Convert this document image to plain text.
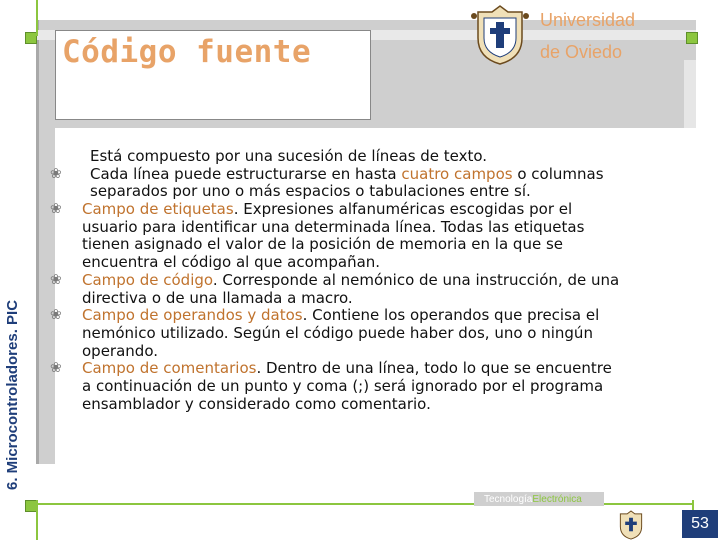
Código fuente
Universidad
de Oviedo
Está compuesto por una sucesión de líneas de texto.
❀ Cada línea puede estructurarse en hasta cuatro campos o columnas
separados por uno o más espacios o tabulaciones entre sí.
❀ Campo de etiquetas. Expresiones alfanuméricas escogidas por el
usuario para identificar una determinada línea. Todas las etiquetas
tienen asignado el valor de la posición de memoria en la que se
encuentra el código al que acompañan.
❀ Campo de código. Corresponde al nemónico de una instrucción, de una
directiva o de una llamada a macro.
❀ Campo de operandos y datos. Contiene los operandos que precisa el
nemónico utilizado. Según el código puede haber dos, uno o ningún
operando.
❀ Campo de comentarios. Dentro de una línea, todo lo que se encuentre
a continuación de un punto y coma (;) será ignorado por el programa
ensamblador y considerado como comentario.
6. Microcontroladores. PIC
TecnologíaElectrónica
53
